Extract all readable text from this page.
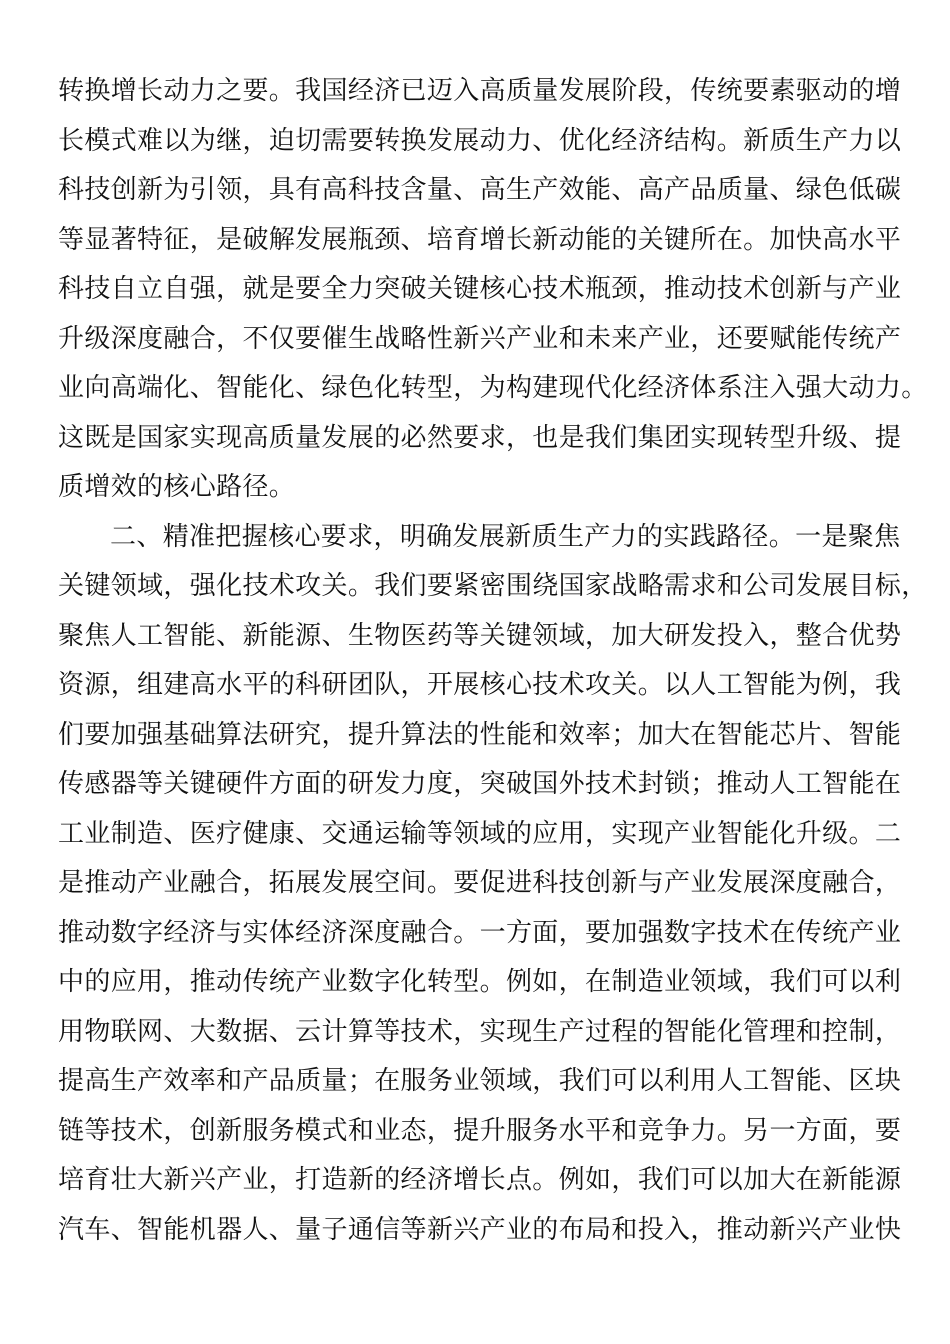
转换增长动力之要。我国经济已迈入高质量发展阶段，传统要素驱动的增
长模式难以为继，迫切需要转换发展动力、优化经济结构。新质生产力以
科技创新为引领，具有高科技含量、高生产效能、高产品质量、绿色低碳
等显著特征，是破解发展瓶颈、培育增长新动能的关键所在。加快高水平
科技自立自强，就是要全力突破关键核心技术瓶颈，推动技术创新与产业
升级深度融合，不仅要催生战略性新兴产业和未来产业，还要赋能传统产
业向高端化、智能化、绿色化转型，为构建现代化经济体系注入强大动力。
这既是国家实现高质量发展的必然要求，也是我们集团实现转型升级、提
质增效的核心路径。
二、精准把握核心要求，明确发展新质生产力的实践路径。一是聚焦
关键领域，强化技术攻关。我们要紧密围绕国家战略需求和公司发展目标，
聚焦人工智能、新能源、生物医药等关键领域，加大研发投入，整合优势
资源，组建高水平的科研团队，开展核心技术攻关。以人工智能为例，我
们要加强基础算法研究，提升算法的性能和效率；加大在智能芯片、智能
传感器等关键硬件方面的研发力度，突破国外技术封锁；推动人工智能在
工业制造、医疗健康、交通运输等领域的应用，实现产业智能化升级。二
是推动产业融合，拓展发展空间。要促进科技创新与产业发展深度融合，
推动数字经济与实体经济深度融合。一方面，要加强数字技术在传统产业
中的应用，推动传统产业数字化转型。例如，在制造业领域，我们可以利
用物联网、大数据、云计算等技术，实现生产过程的智能化管理和控制，
提高生产效率和产品质量；在服务业领域，我们可以利用人工智能、区块
链等技术，创新服务模式和业态，提升服务水平和竞争力。另一方面，要
培育壮大新兴产业，打造新的经济增长点。例如，我们可以加大在新能源
汽车、智能机器人、量子通信等新兴产业的布局和投入，推动新兴产业快
